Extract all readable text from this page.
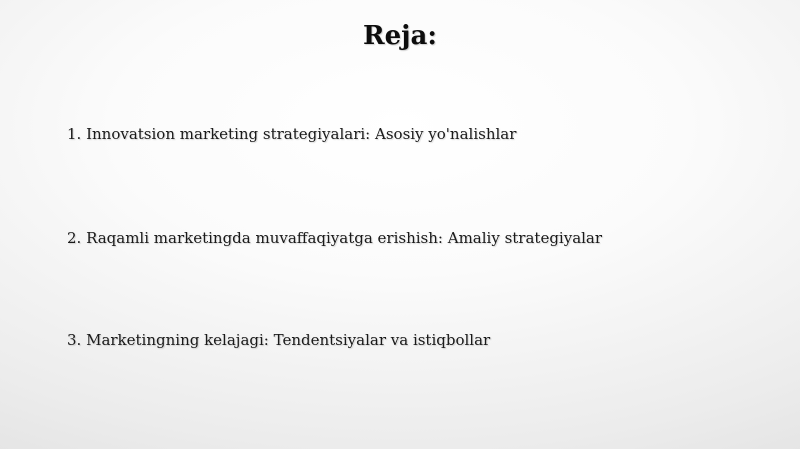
Reja:
1. Innovatsion marketing strategiyalari: Asosiy yo'nalishlar
2. Raqamli marketingda muvaffaqiyatga erishish: Amaliy strategiyalar
3. Marketingning kelajagi: Tendentsiyalar va istiqbollar
